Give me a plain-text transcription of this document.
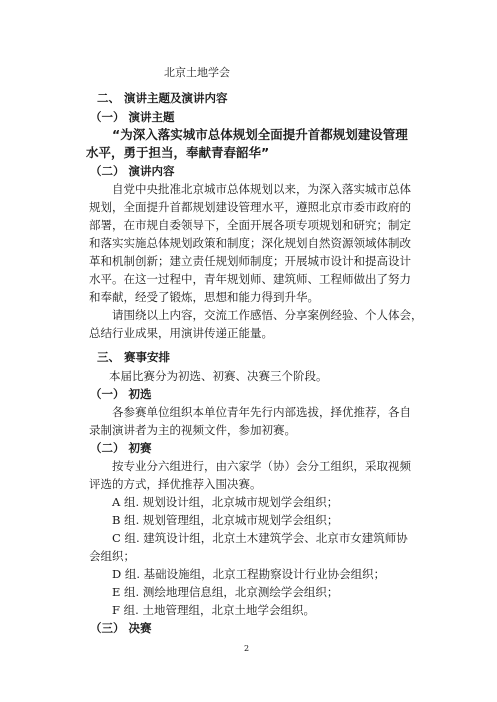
北京土地学会
二、 演讲主题及演讲内容
（一） 演讲主题
“为深入落实城市总体规划全面提升首都规划建设管理
水平，勇于担当，奉献青春韶华”
（二） 演讲内容
自党中央批准北京城市总体规划以来，为深入落实城市总体
规划，全面提升首都规划建设管理水平，遵照北京市委市政府的
部署，在市规自委领导下，全面开展各项专项规划和研究；制定
和落实实施总体规划政策和制度；深化规划自然资源领域体制改
革和机制创新；建立责任规划师制度；开展城市设计和提高设计
水平。在这一过程中，青年规划师、建筑师、工程师做出了努力
和奉献，经受了锻炼，思想和能力得到升华。
请围绕以上内容，交流工作感悟、分享案例经验、个人体会，
总结行业成果，用演讲传递正能量。
三、 赛事安排
本届比赛分为初选、初赛、决赛三个阶段。
（一） 初选
各参赛单位组织本单位青年先行内部选拔，择优推荐，各自
录制演讲者为主的视频文件，参加初赛。
（二） 初赛
按专业分六组进行，由六家学（协）会分工组织，采取视频
评选的方式，择优推荐入围决赛。
A 组. 规划设计组，北京城市规划学会组织；
B 组. 规划管理组，北京城市规划学会组织；
C 组. 建筑设计组，北京土木建筑学会、北京市女建筑师协
会组织；
D 组. 基础设施组，北京工程勘察设计行业协会组织；
E 组. 测绘地理信息组，北京测绘学会组织；
F 组. 土地管理组，北京土地学会组织。
（三） 决赛
2
